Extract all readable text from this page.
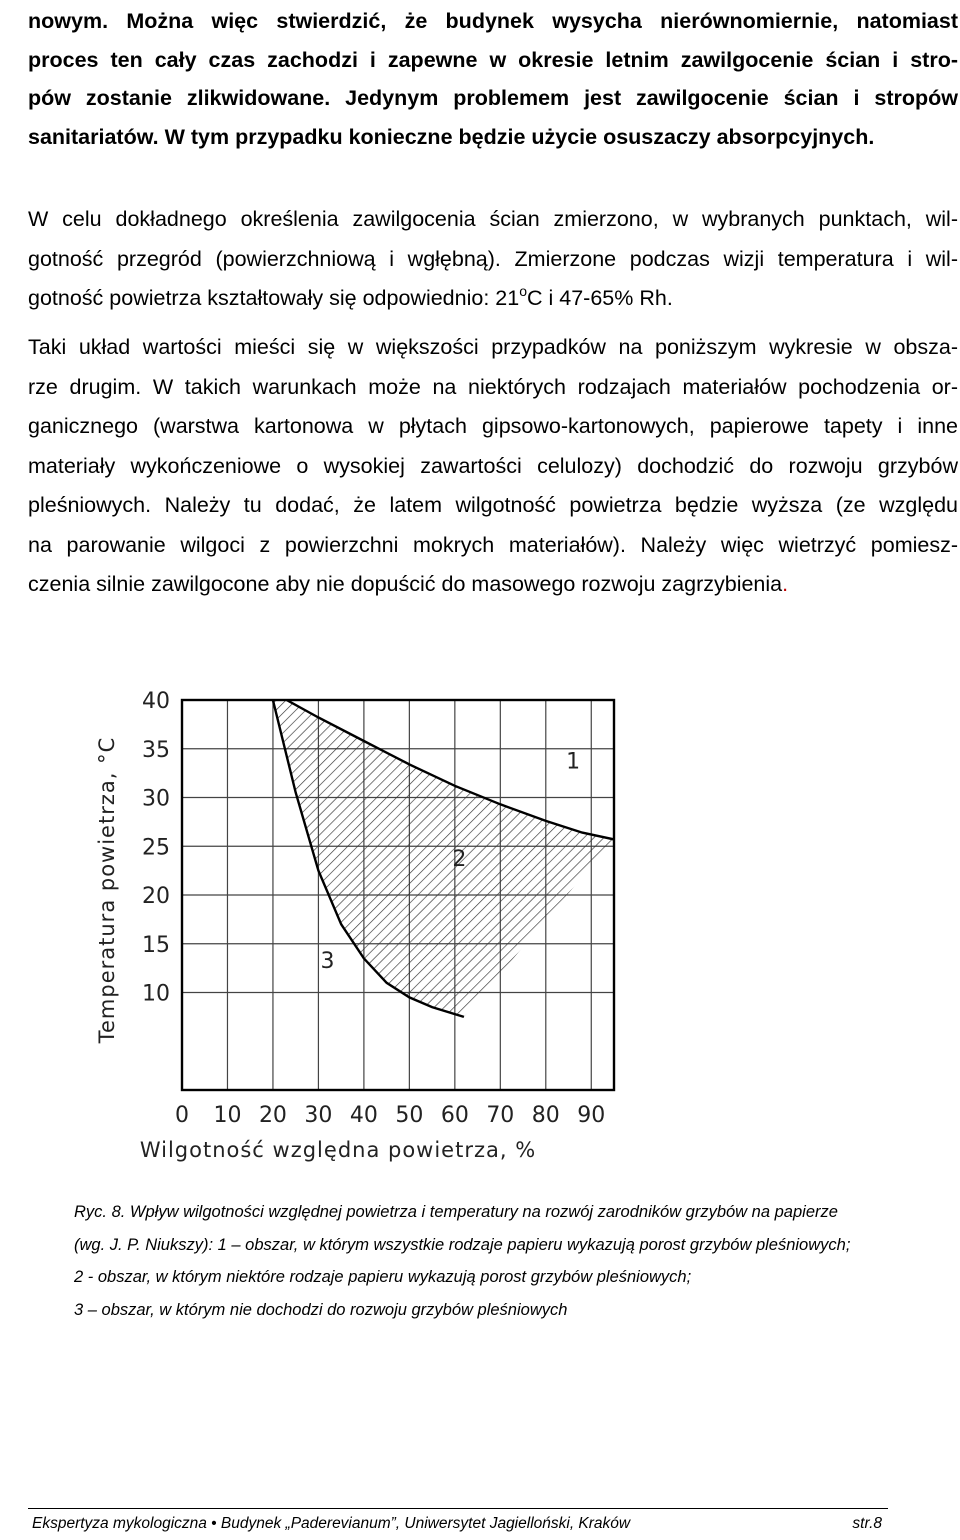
nowym. Można więc stwierdzić, że budynek wysycha nierównomiernie, natomiast
proces ten cały czas zachodzi i zapewne w okresie letnim zawilgocenie ścian i stro-
pów zostanie zlikwidowane. Jedynym problemem jest zawilgocenie ścian i stropów
sanitariatów. W tym przypadku konieczne będzie użycie osuszaczy absorpcyjnych.
W celu dokładnego określenia zawilgocenia ścian zmierzono, w wybranych punktach, wil-
gotność przegród (powierzchniową i wgłębną). Zmierzone podczas wizji temperatura i wil-
gotność powietrza kształtowały się odpowiednio: 21$^o$C i 47-65% Rh.
Taki układ wartości mieści się w większości przypadków na poniższym wykresie w obsza-
rze drugim. W takich warunkach może na niektórych rodzajach materiałów pochodzenia or-
ganicznego (warstwa kartonowa w płytach gipsowo-kartonowych, papierowe tapety i inne
materiały wykończeniowe o wysokiej zawartości celulozy) dochodzić do rozwoju grzybów
pleśniowych. Należy tu dodać, że latem wilgotność powietrza będzie wyższa (ze względu
na parowanie wilgoci z powierzchni mokrych materiałów). Należy więc wietrzyć pomiesz-
czenia silnie zawilgocone aby nie dopuścić do masowego rozwoju zagrzybienia.
0 10 20 30 40 50 60 70 80 90
10
15
20
25
30
35
40
1
2
3
Wilgotność względna powietrza, %
Temperatura powietrza, °C
Ryc. 8. Wpływ wilgotności względnej powietrza i temperatury na rozwój zarodników grzybów na papierze
(wg. J. P. Niukszy): 1 – obszar, w którym wszystkie rodzaje papieru wykazują porost grzybów pleśniowych;
2 - obszar, w którym niektóre rodzaje papieru wykazują porost grzybów pleśniowych;
3 – obszar, w którym nie dochodzi do rozwoju grzybów pleśniowych
Ekspertyza mykologiczna • Budynek „Paderevianum”, Uniwersytet Jagielloński, Kraków	str.8
